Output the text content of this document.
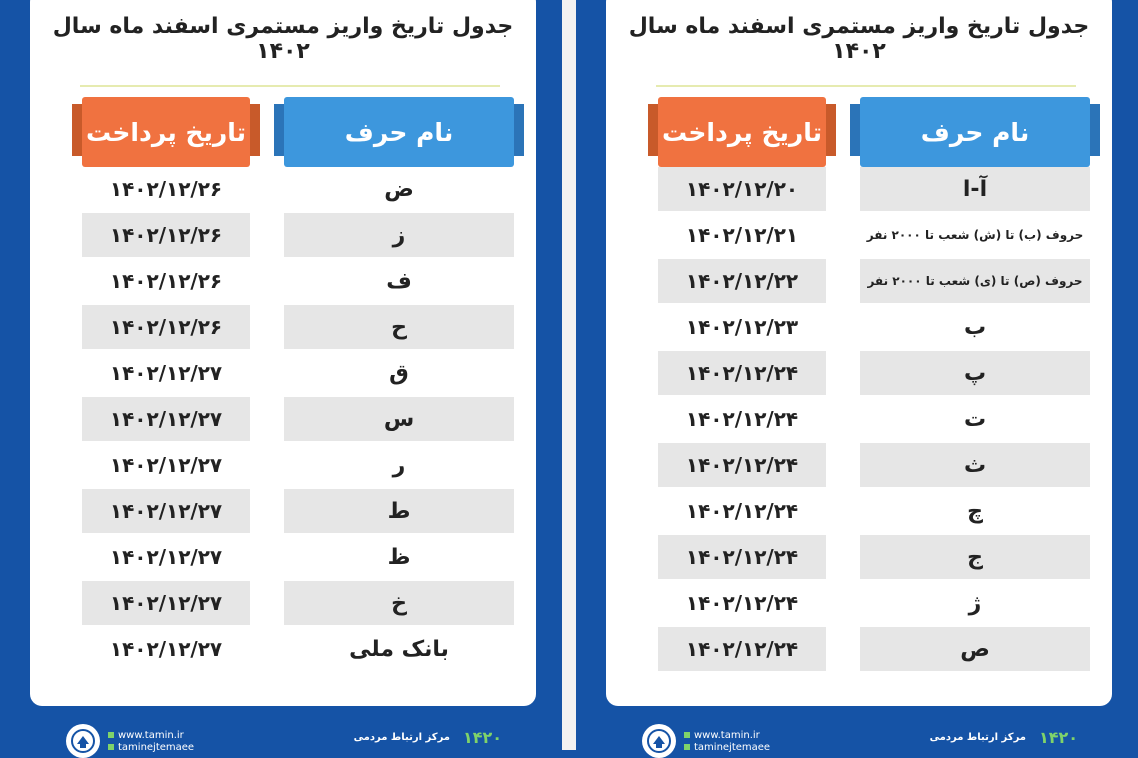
جدول تاریخ واریز مستمری اسفند ماه سال ۱۴۰۲
تاریخ پرداخت	نام حرف
۱۴۰۲/۱۲/۲۶	ض
۱۴۰۲/۱۲/۲۶	ز
۱۴۰۲/۱۲/۲۶	ف
۱۴۰۲/۱۲/۲۶	ح
۱۴۰۲/۱۲/۲۷	ق
۱۴۰۲/۱۲/۲۷	س
۱۴۰۲/۱۲/۲۷	ر
۱۴۰۲/۱۲/۲۷	ط
۱۴۰۲/۱۲/۲۷	ظ
۱۴۰۲/۱۲/۲۷	خ
۱۴۰۲/۱۲/۲۷	بانک ملی
www.tamin.ir
taminejtemaee
مرکز ارتباط مردمی ۱۴۲۰
جدول تاریخ واریز مستمری اسفند ماه سال ۱۴۰۲
تاریخ پرداخت	نام حرف
۱۴۰۲/۱۲/۲۰	آ-ا
۱۴۰۲/۱۲/۲۱	حروف (ب) تا (ش) شعب تا ۲۰۰۰ نفر
۱۴۰۲/۱۲/۲۲	حروف (ص) تا (ی) شعب تا ۲۰۰۰ نفر
۱۴۰۲/۱۲/۲۳	ب
۱۴۰۲/۱۲/۲۴	پ
۱۴۰۲/۱۲/۲۴	ت
۱۴۰۲/۱۲/۲۴	ث
۱۴۰۲/۱۲/۲۴	چ
۱۴۰۲/۱۲/۲۴	ج
۱۴۰۲/۱۲/۲۴	ژ
۱۴۰۲/۱۲/۲۴	ص
www.tamin.ir
taminejtemaee
مرکز ارتباط مردمی ۱۴۲۰
